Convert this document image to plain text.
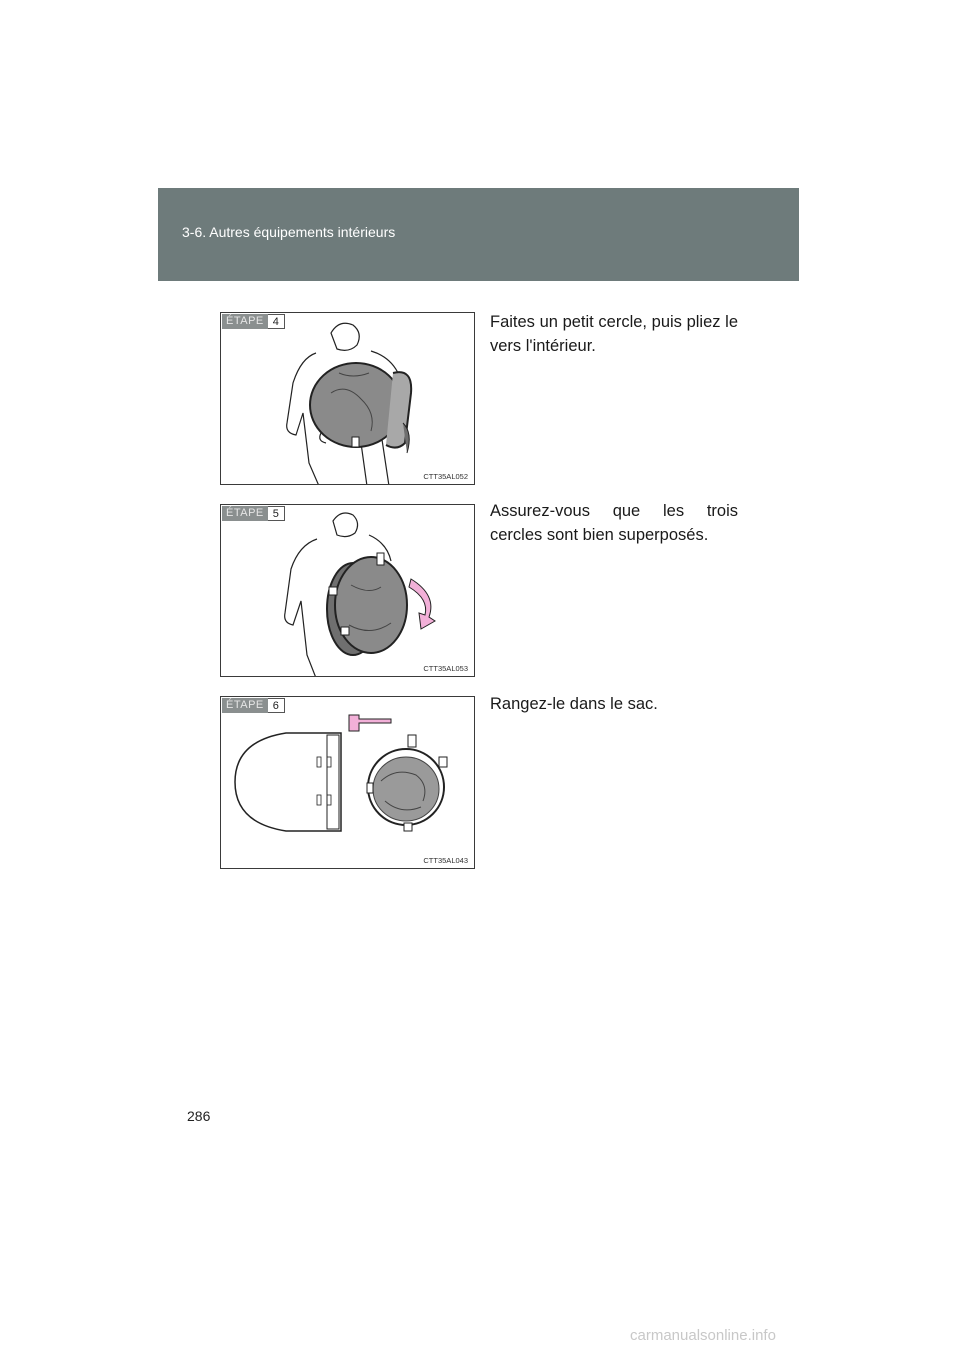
3-6. Autres équipements intérieurs
ÉTAPE 4
CTT35AL052
Faites un petit cercle, puis pliez le vers l'intérieur.
ÉTAPE 5
CTT35AL053
Assurez-vous que les trois cercles sont bien superposés.
ÉTAPE 6
CTT35AL043
Rangez-le dans le sac.
286
carmanualsonline.info
